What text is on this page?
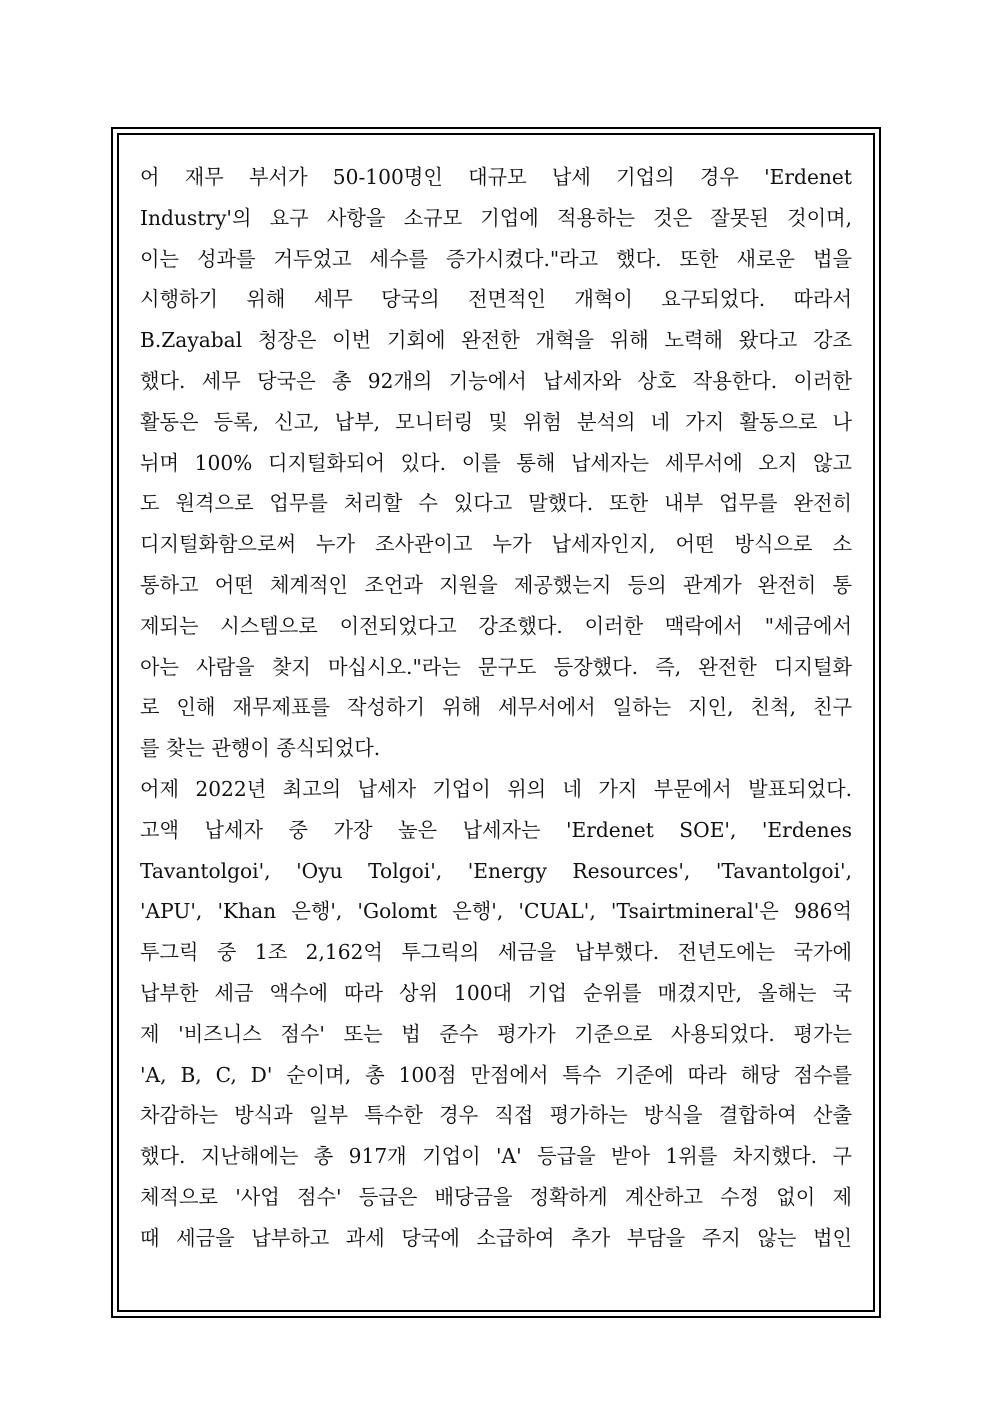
어 재무 부서가 50-100명인 대규모 납세 기업의 경우 'Erdenet
Industry'의 요구 사항을 소규모 기업에 적용하는 것은 잘못된 것이며,
이는 성과를 거두었고 세수를 증가시켰다."라고 했다. 또한 새로운 법을
시행하기 위해 세무 당국의 전면적인 개혁이 요구되었다. 따라서
B.Zayabal 청장은 이번 기회에 완전한 개혁을 위해 노력해 왔다고 강조
했다. 세무 당국은 총 92개의 기능에서 납세자와 상호 작용한다. 이러한
활동은 등록, 신고, 납부, 모니터링 및 위험 분석의 네 가지 활동으로 나
뉘며 100% 디지털화되어 있다. 이를 통해 납세자는 세무서에 오지 않고
도 원격으로 업무를 처리할 수 있다고 말했다. 또한 내부 업무를 완전히
디지털화함으로써 누가 조사관이고 누가 납세자인지, 어떤 방식으로 소
통하고 어떤 체계적인 조언과 지원을 제공했는지 등의 관계가 완전히 통
제되는 시스템으로 이전되었다고 강조했다. 이러한 맥락에서 "세금에서
아는 사람을 찾지 마십시오."라는 문구도 등장했다. 즉, 완전한 디지털화
로 인해 재무제표를 작성하기 위해 세무서에서 일하는 지인, 친척, 친구
를 찾는 관행이 종식되었다.
어제 2022년 최고의 납세자 기업이 위의 네 가지 부문에서 발표되었다.
고액 납세자 중 가장 높은 납세자는 'Erdenet SOE', 'Erdenes
Tavantolgoi', 'Oyu Tolgoi', 'Energy Resources', 'Tavantolgoi',
'APU', 'Khan 은행', 'Golomt 은행', 'CUAL', 'Tsairtmineral'은 986억
투그릭 중 1조 2,162억 투그릭의 세금을 납부했다. 전년도에는 국가에
납부한 세금 액수에 따라 상위 100대 기업 순위를 매겼지만, 올해는 국
제 '비즈니스 점수' 또는 법 준수 평가가 기준으로 사용되었다. 평가는
'A, B, C, D' 순이며, 총 100점 만점에서 특수 기준에 따라 해당 점수를
차감하는 방식과 일부 특수한 경우 직접 평가하는 방식을 결합하여 산출
했다. 지난해에는 총 917개 기업이 'A' 등급을 받아 1위를 차지했다. 구
체적으로 '사업 점수' 등급은 배당금을 정확하게 계산하고 수정 없이 제
때 세금을 납부하고 과세 당국에 소급하여 추가 부담을 주지 않는 법인
